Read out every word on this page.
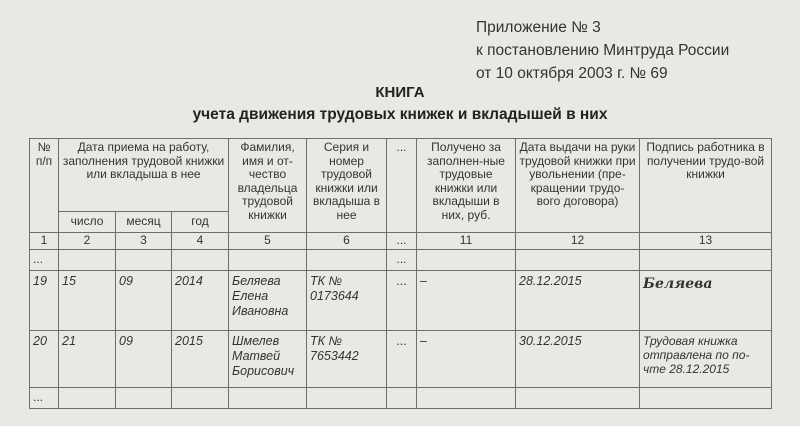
Приложение № 3
к постановлению Минтруда России
от 10 октября 2003 г. № 69
КНИГА
учета движения трудовых книжек и вкладышей в них
№ п/п	Дата приема на работу, заполнения трудовой книжки или вкладыша в нее			Фамилия, имя и от-чество владельца трудовой книжки	Серия и номер трудовой книжки или вкладыша в нее	...	Получено за заполнен-ные трудовые книжки или вкладыши в них, руб.	Дата выдачи на руки трудовой книжки при увольнении (пре-кращении трудо-вого договора)	Подпись работника в получении трудо-вой книжки
	число	месяц	год						
1	2	3	4	5	6	...	11	12	13
...						...			
19	15	09	2014	Беляева Елена Ивановна	ТК № 0173644	...	–	28.12.2015	Беляева
20	21	09	2015	Шмелев Матвей Борисович	ТК № 7653442	...	–	30.12.2015	Трудовая книжка отправлена по по-чте 28.12.2015
...									
